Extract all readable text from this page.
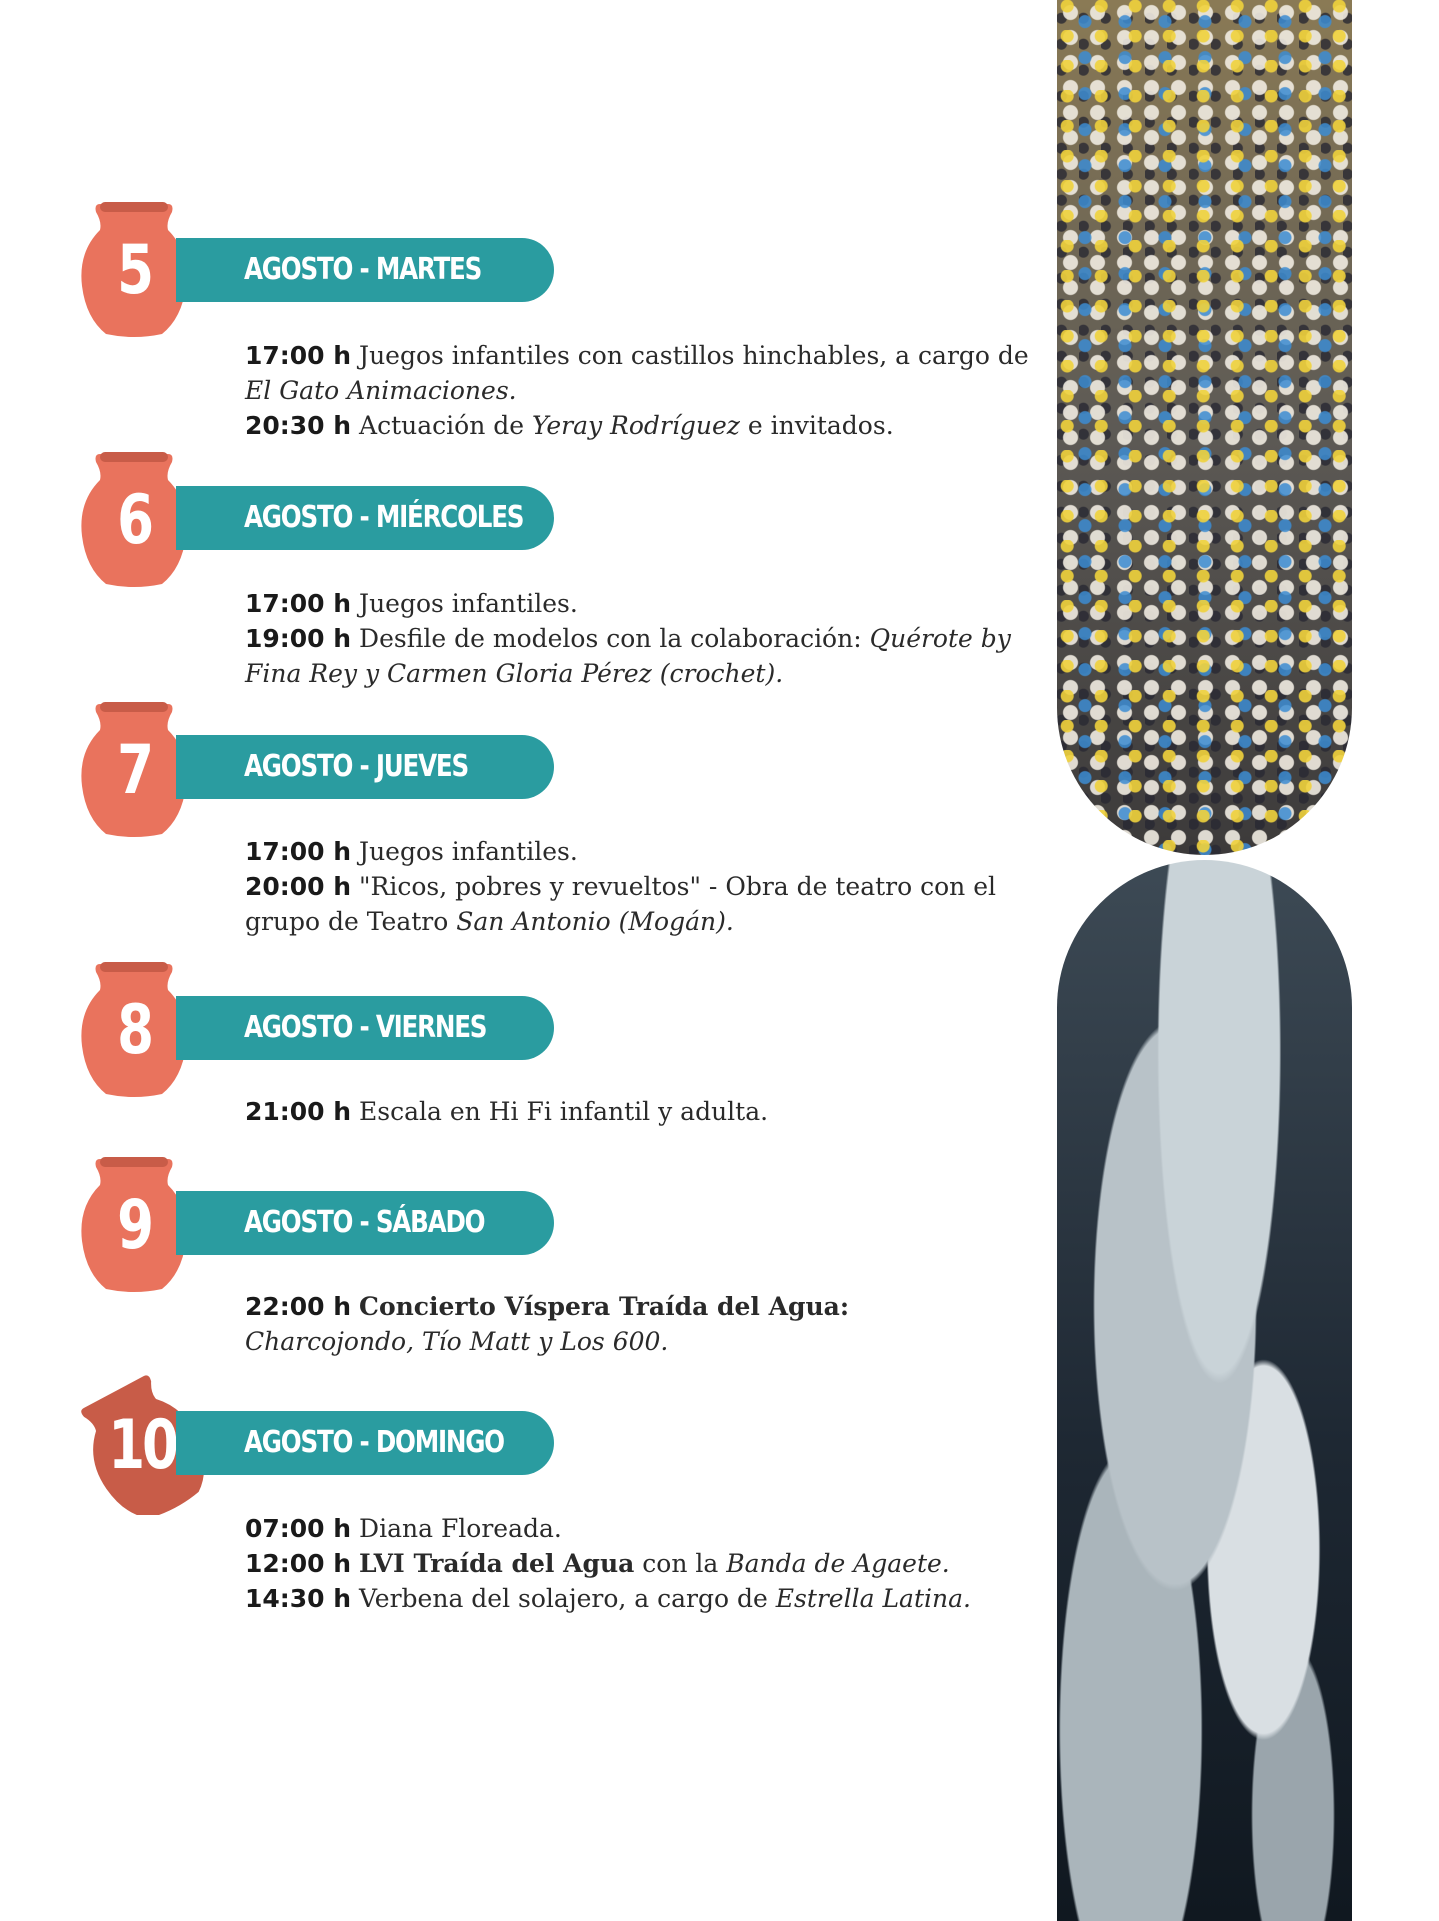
5	AGOSTO - MARTES
17:00 h Juegos infantiles con castillos hinchables, a cargo de El Gato Animaciones.
20:30 h Actuación de Yeray Rodríguez e invitados.
6	AGOSTO - MIÉRCOLES
17:00 h Juegos infantiles.
19:00 h Desfile de modelos con la colaboración: Quérote by Fina Rey y Carmen Gloria Pérez (crochet).
7	AGOSTO - JUEVES
17:00 h Juegos infantiles.
20:00 h "Ricos, pobres y revueltos" - Obra de teatro con el grupo de Teatro San Antonio (Mogán).
8	AGOSTO - VIERNES
21:00 h Escala en Hi Fi infantil y adulta.
9	AGOSTO - SÁBADO
22:00 h Concierto Víspera Traída del Agua:
Charcojondo, Tío Matt y Los 600.
10	AGOSTO - DOMINGO
07:00 h Diana Floreada.
12:00 h LVI Traída del Agua con la Banda de Agaete.
14:30 h Verbena del solajero, a cargo de Estrella Latina.
